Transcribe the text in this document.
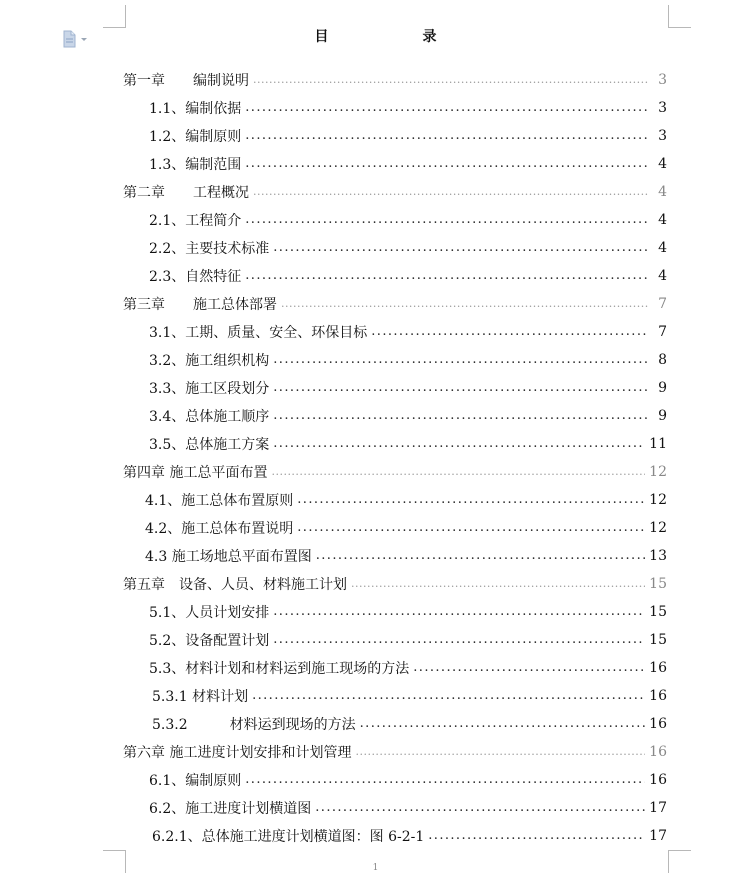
目　录
第一章　　编制说明 .....	3
1.1、编制依据 .....	3
1.2、编制原则 .....	3
1.3、编制范围 .....	4
第二章　　工程概况 .....	4
2.1、工程简介 .....	4
2.2、主要技术标准 .....	4
2.3、自然特征 .....	4
第三章　　施工总体部署 .....	7
3.1、工期、质量、安全、环保目标 .....	7
3.2、施工组织机构 .....	8
3.3、施工区段划分 .....	9
3.4、总体施工顺序 .....	9
3.5、总体施工方案 .....	11
第四章 施工总平面布置 .....	12
4.1、施工总体布置原则 .....	12
4.2、施工总体布置说明 .....	12
4.3 施工场地总平面布置图 .....	13
第五章　设备、人员、材料施工计划 .....	15
5.1、人员计划安排 .....	15
5.2、设备配置计划 .....	15
5.3、材料计划和材料运到施工现场的方法 .....	16
5.3.1 材料计划 .....	16
5.3.2　　　材料运到现场的方法 .....	16
第六章 施工进度计划安排和计划管理 .....	16
6.1、编制原则 .....	16
6.2、施工进度计划横道图 .....	17
6.2.1、总体施工进度计划横道图：图 6-2-1 .....	17
1
